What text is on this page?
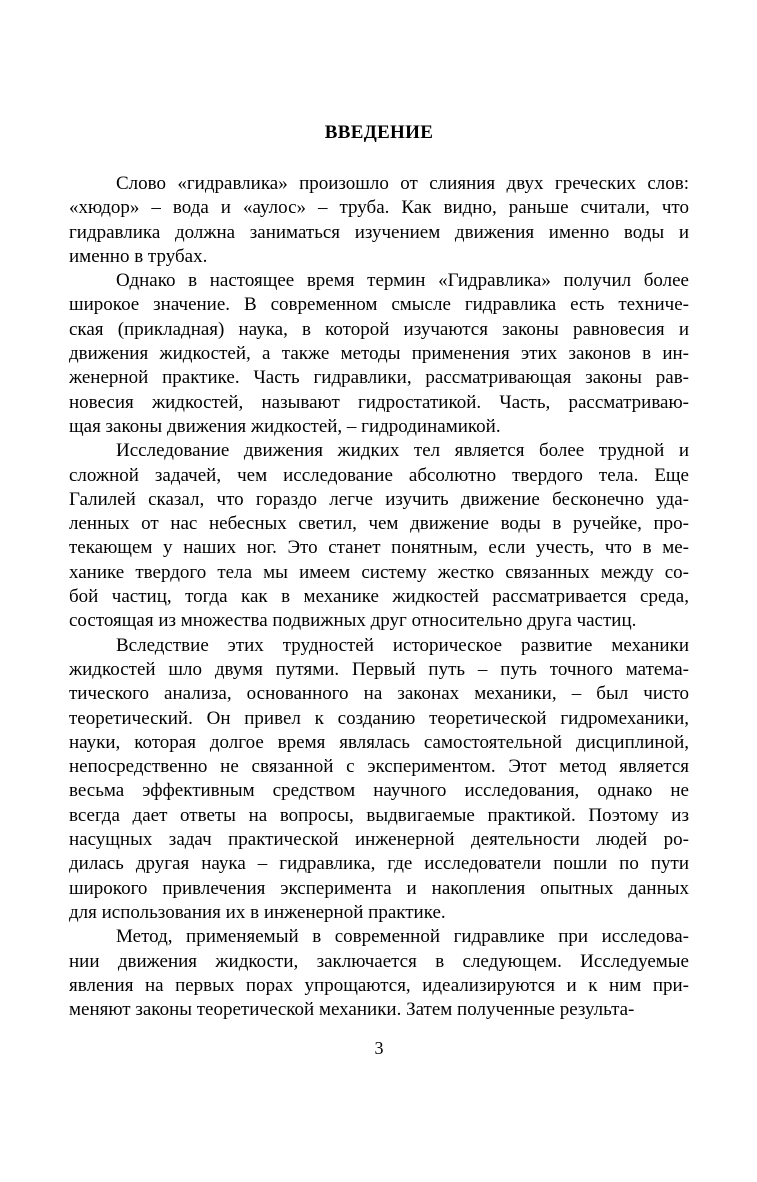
ВВЕДЕНИЕ
Слово «гидравлика» произошло от слияния двух греческих слов:
«хюдор» – вода и «аулос» – труба. Как видно, раньше считали, что
гидравлика должна заниматься изучением движения именно воды и
именно в трубах.
Однако в настоящее время термин «Гидравлика» получил более
широкое значение. В современном смысле гидравлика есть техниче-
ская (прикладная) наука, в которой изучаются законы равновесия и
движения жидкостей, а также методы применения этих законов в ин-
женерной практике. Часть гидравлики, рассматривающая законы рав-
новесия жидкостей, называют гидростатикой. Часть, рассматриваю-
щая законы движения жидкостей, – гидродинамикой.
Исследование движения жидких тел является более трудной и
сложной задачей, чем исследование абсолютно твердого тела. Еще
Галилей сказал, что гораздо легче изучить движение бесконечно уда-
ленных от нас небесных светил, чем движение воды в ручейке, про-
текающем у наших ног. Это станет понятным, если учесть, что в ме-
ханике твердого тела мы имеем систему жестко связанных между со-
бой частиц, тогда как в механике жидкостей рассматривается среда,
состоящая из множества подвижных друг относительно друга частиц.
Вследствие этих трудностей историческое развитие механики
жидкостей шло двумя путями. Первый путь – путь точного матема-
тического анализа, основанного на законах механики, – был чисто
теоретический. Он привел к созданию теоретической гидромеханики,
науки, которая долгое время являлась самостоятельной дисциплиной,
непосредственно не связанной с экспериментом. Этот метод является
весьма эффективным средством научного исследования, однако не
всегда дает ответы на вопросы, выдвигаемые практикой. Поэтому из
насущных задач практической инженерной деятельности людей ро-
дилась другая наука – гидравлика, где исследователи пошли по пути
широкого привлечения эксперимента и накопления опытных данных
для использования их в инженерной практике.
Метод, применяемый в современной гидравлике при исследова-
нии движения жидкости, заключается в следующем. Исследуемые
явления на первых порах упрощаются, идеализируются и к ним при-
меняют законы теоретической механики. Затем полученные результа-
3
